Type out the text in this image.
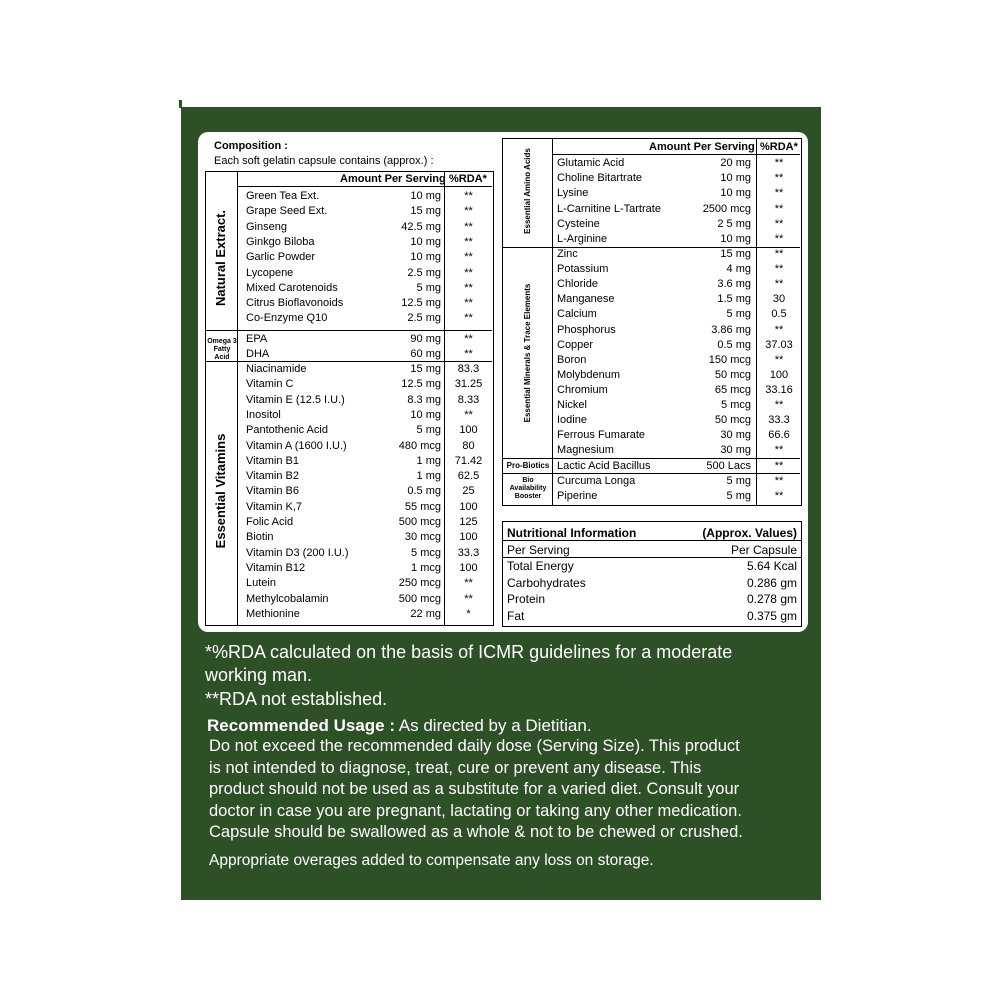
Composition :
Each soft gelatin capsule contains (approx.) :
Amount Per Serving %RDA*
Natural Extract.
Omega 3
Fatty Acid
Essential Vitamins
Green Tea Ext.	10 mg	**
Grape Seed Ext.	15 mg	**
Ginseng	42.5 mg	**
Ginkgo Biloba	10 mg	**
Garlic Powder	10 mg	**
Lycopene	2.5 mg	**
Mixed Carotenoids	5 mg	**
Citrus Bioflavonoids	12.5 mg	**
Co-Enzyme Q10	2.5 mg	**
EPA	90 mg	**
DHA	60 mg	**
Niacinamide	15 mg	83.3
Vitamin C	12.5 mg	31.25
Vitamin E (12.5 I.U.)	8.3 mg	8.33
Inositol	10 mg	**
Pantothenic Acid	5 mg	100
Vitamin A (1600 I.U.)	480 mcg	80
Vitamin B1	1 mg	71.42
Vitamin B2	1 mg	62.5
Vitamin B6	0.5 mg	25
Vitamin K,7	55 mcg	100
Folic Acid	500 mcg	125
Biotin	30 mcg	100
Vitamin D3 (200 I.U.)	5 mcg	33.3
Vitamin B12	1 mcg	100
Lutein	250 mcg	**
Methylcobalamin	500 mcg	**
Methionine	22 mg	*
Amount Per Serving %RDA*
Essential Amino Acids
Essential Minerals & Trace Elements
Pro-Biotics
Bio
Availability
Booster
Glutamic Acid	20 mg	**
Choline Bitartrate	10 mg	**
Lysine	10 mg	**
L-Carnitine L-Tartrate	2500 mcg	**
Cysteine	2 5 mg	**
L-Arginine	10 mg	**
Zinc	15 mg	**
Potassium	4 mg	**
Chloride	3.6 mg	**
Manganese	1.5 mg	30
Calcium	5 mg	0.5
Phosphorus	3.86 mg	**
Copper	0.5 mg	37.03
Boron	150 mcg	**
Molybdenum	50 mcg	100
Chromium	65 mcg	33.16
Nickel	5 mcg	**
Iodine	50 mcg	33.3
Ferrous Fumarate	30 mg	66.6
Magnesium	30 mg	**
Lactic Acid Bacillus	500 Lacs	**
Curcuma Longa	5 mg	**
Piperine	5 mg	**
Nutritional Information	(Approx. Values)
Per Serving	Per Capsule
Total Energy	5.64 Kcal
Carbohydrates	0.286 gm
Protein	0.278 gm
Fat	0.375 gm
*%RDA calculated on the basis of ICMR guidelines for a moderate
working man.
**RDA not established.
Recommended Usage : As directed by a Dietitian.
Do not exceed the recommended daily dose (Serving Size). This product
is not intended to diagnose, treat, cure or prevent any disease. This
product should not be used as a substitute for a varied diet. Consult your
doctor in case you are pregnant, lactating or taking any other medication.
Capsule should be swallowed as a whole & not to be chewed or crushed.
Appropriate overages added to compensate any loss on storage.
